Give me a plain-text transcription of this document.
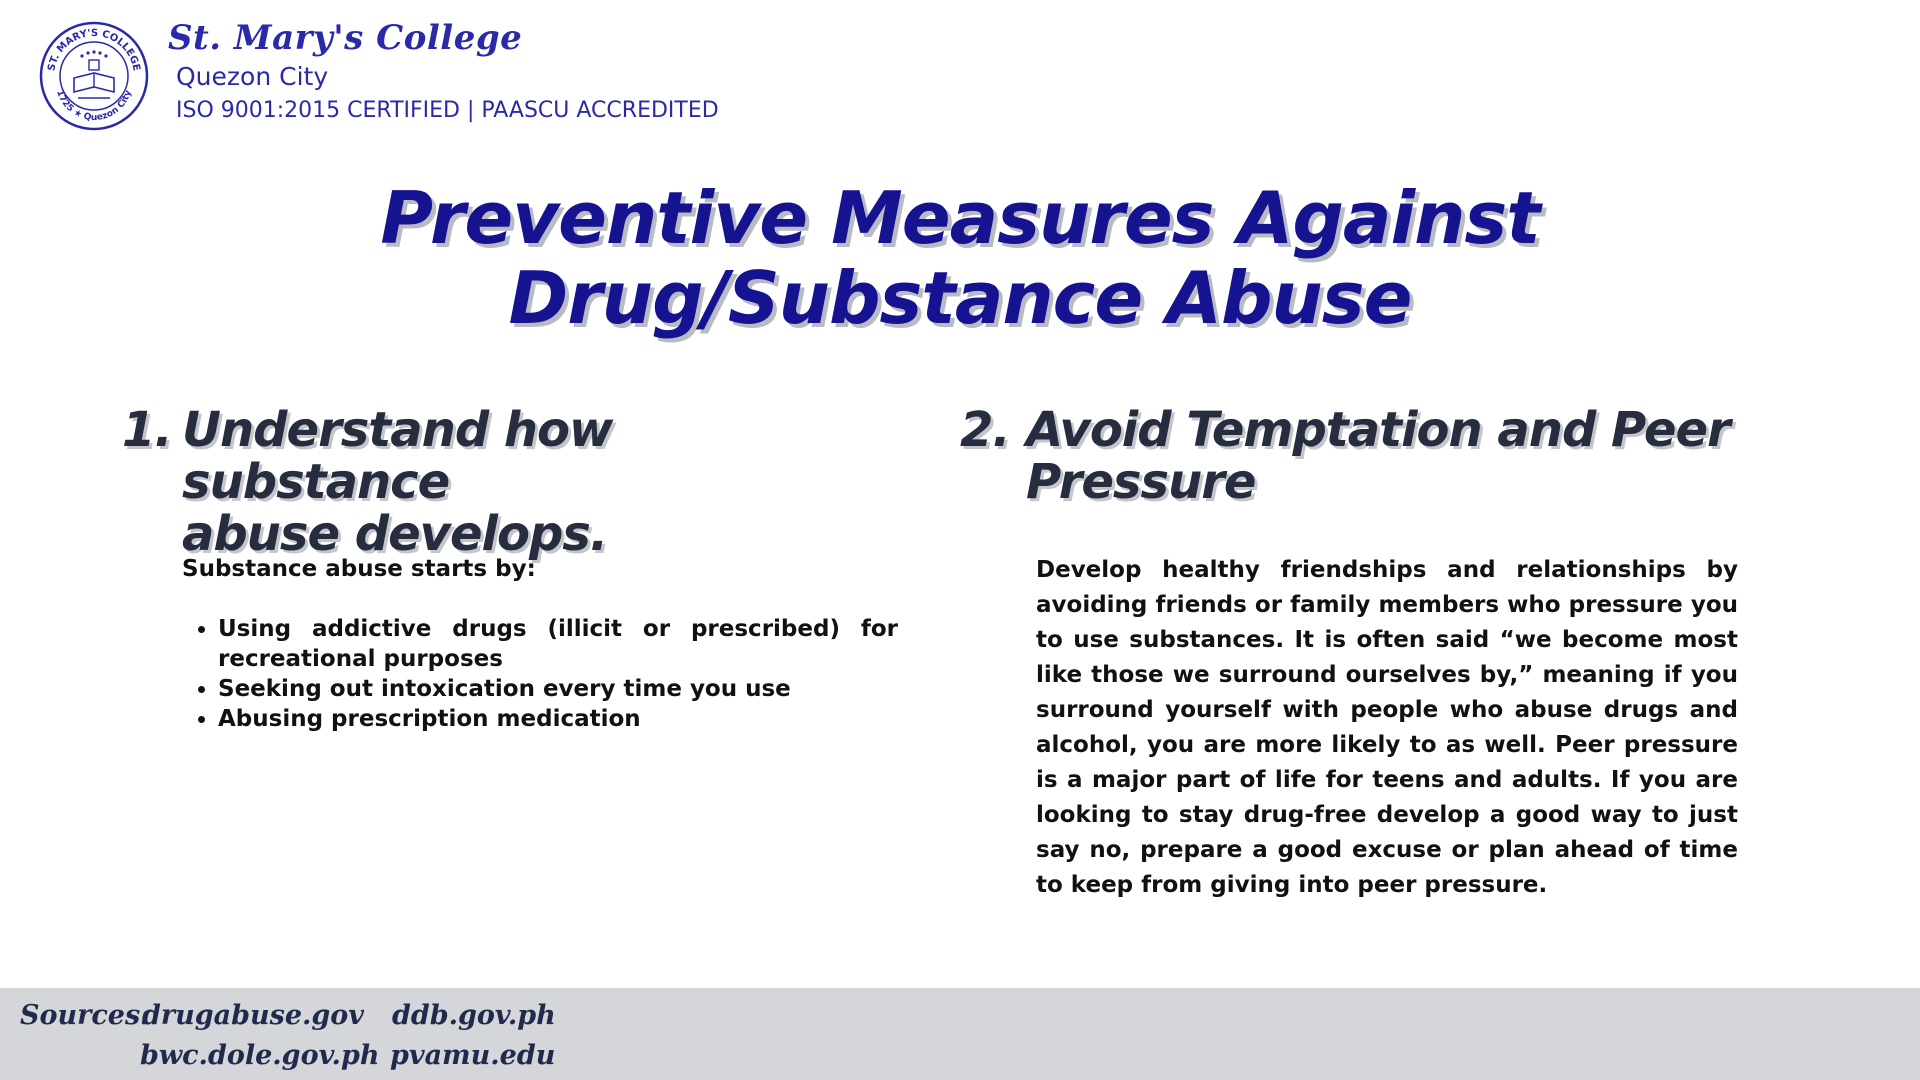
ST. MARY'S COLLEGE
1725 ★ Quezon City
St. Mary's College
Quezon City
ISO 9001:2015 CERTIFIED | PAASCU ACCREDITED
Preventive Measures Against
Drug/Substance Abuse
1. Understand how substance
abuse develops.
Substance abuse starts by:
• Using addictive drugs (illicit or prescribed) for recreational purposes
• Seeking out intoxication every time you use
• Abusing prescription medication
2. Avoid Temptation and Peer
Pressure
Develop healthy friendships and relationships by avoiding friends or family members who pressure you to use substances. It is often said “we become most like those we surround ourselves by,” meaning if you surround yourself with people who abuse drugs and alcohol, you are more likely to as well. Peer pressure is a major part of life for teens and adults. If you are looking to stay drug-free develop a good way to just say no, prepare a good excuse or plan ahead of time to keep from giving into peer pressure.
Sources:
drugabuse.gov ddb.gov.ph
bwc.dole.gov.ph pvamu.edu
